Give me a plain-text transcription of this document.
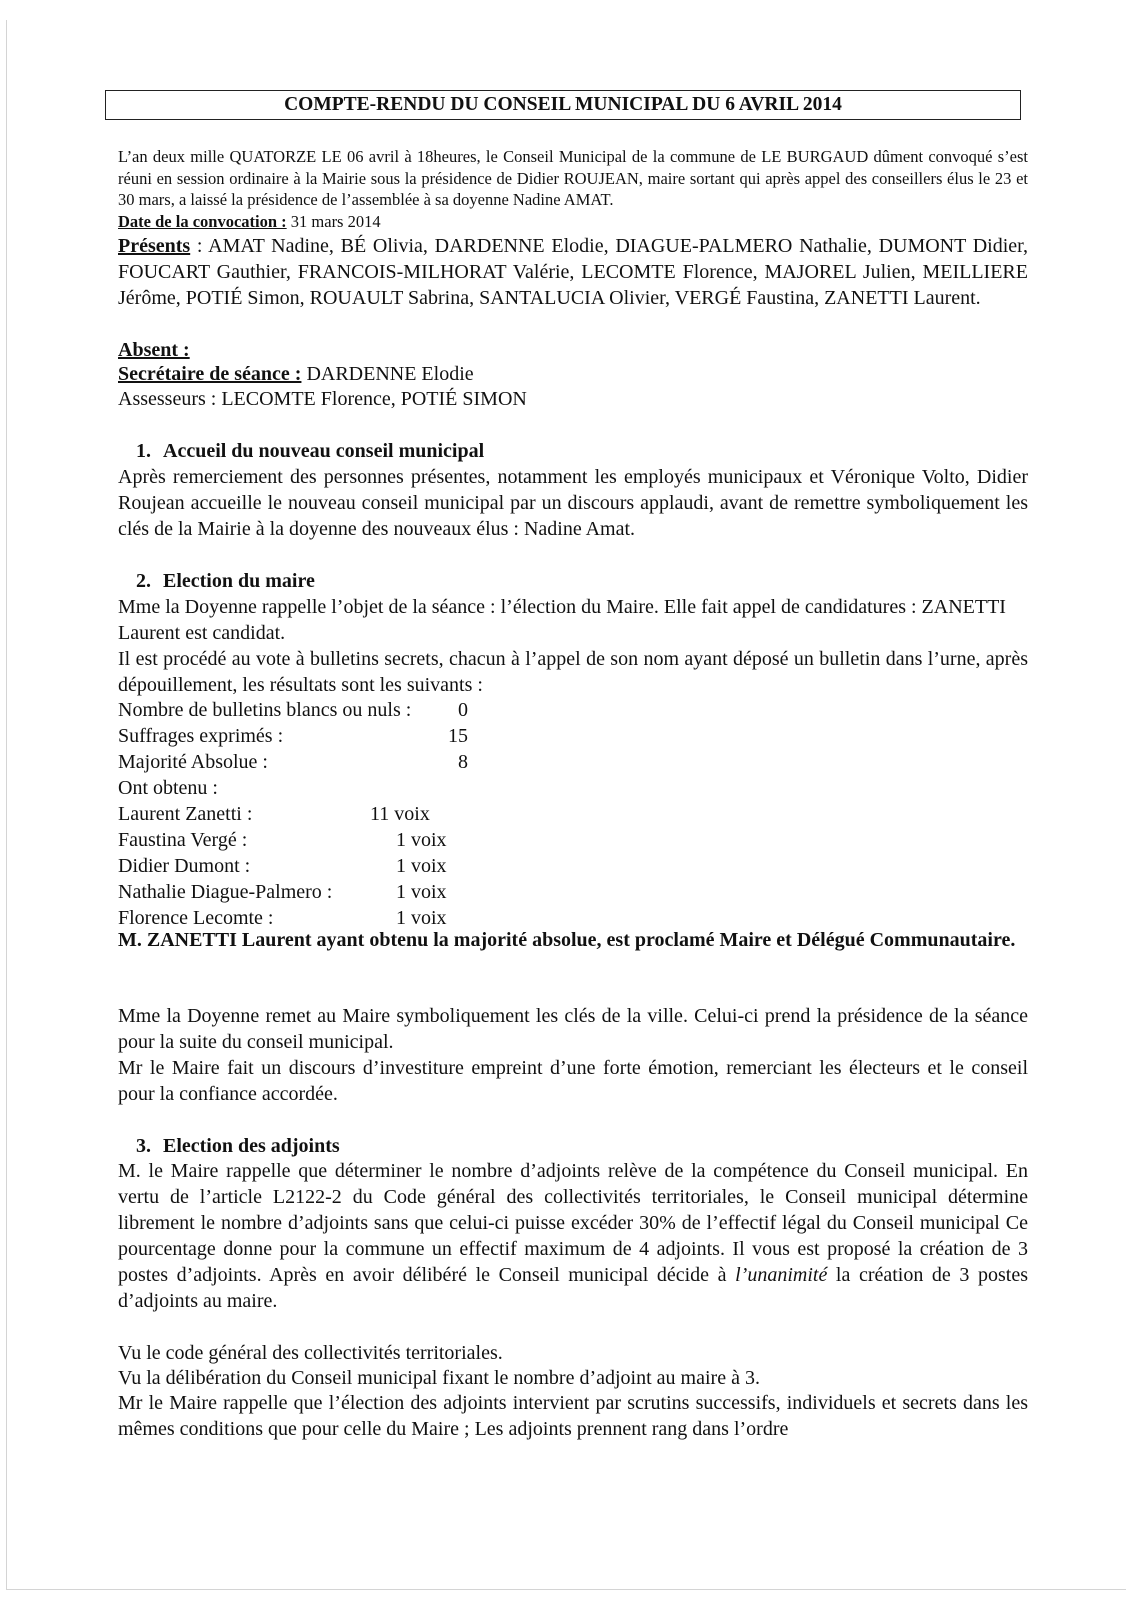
COMPTE-RENDU DU CONSEIL MUNICIPAL DU 6 AVRIL 2014

L’an deux mille QUATORZE LE 06 avril à 18heures, le Conseil Municipal de la commune de LE BURGAUD dûment convoqué s’est réuni en session ordinaire à la Mairie sous la présidence de Didier ROUJEAN, maire sortant qui après appel des conseillers élus le 23 et 30 mars, a laissé la présidence de l’assemblée à sa doyenne Nadine AMAT.

Date de la convocation : 31 mars 2014

Présents : AMAT Nadine, BÉ Olivia, DARDENNE Elodie, DIAGUE-PALMERO Nathalie, DUMONT Didier, FOUCART Gauthier, FRANCOIS-MILHORAT Valérie, LECOMTE Florence, MAJOREL Julien, MEILLIERE Jérôme, POTIÉ Simon, ROUAULT Sabrina, SANTALUCIA Olivier, VERGÉ Faustina, ZANETTI Laurent.

Absent :
Secrétaire de séance : DARDENNE Elodie
Assesseurs : LECOMTE Florence, POTIÉ SIMON
1. Accueil du nouveau conseil municipal
Après remerciement des personnes présentes, notamment les employés municipaux et Véronique Volto, Didier Roujean accueille le nouveau conseil municipal par un discours applaudi, avant de remettre symboliquement les clés de la Mairie à la doyenne des nouveaux élus : Nadine Amat.
2. Election du maire
Mme la Doyenne rappelle l’objet de la séance : l’élection du Maire. Elle fait appel de candidatures : ZANETTI Laurent est candidat.
Il est procédé au vote à bulletins secrets, chacun à l’appel de son nom ayant déposé un bulletin dans l’urne, après dépouillement, les résultats sont les suivants :
Nombre de bulletins blancs ou nuls : 0
Suffrages exprimés :	15
Majorité Absolue :	8
Ont obtenu :
Laurent Zanetti :	11 voix
Faustina Vergé :	1 voix
Didier Dumont :	1 voix
Nathalie Diague-Palmero :	1 voix
Florence Lecomte :	1 voix
M. ZANETTI Laurent ayant obtenu la majorité absolue, est proclamé Maire et Délégué Communautaire.
Mme la Doyenne remet au Maire symboliquement les clés de la ville. Celui-ci prend la présidence de la séance pour la suite du conseil municipal.
Mr le Maire fait un discours d’investiture empreint d’une forte émotion, remerciant les électeurs et le conseil pour la confiance accordée.
3. Election des adjoints

M. le Maire rappelle que déterminer le nombre d’adjoints relève de la compétence du Conseil municipal. En vertu de l’article L2122-2 du Code général des collectivités territoriales, le Conseil municipal détermine librement le nombre d’adjoints sans que celui-ci puisse excéder 30% de l’effectif légal du Conseil municipal Ce pourcentage donne pour la commune un effectif maximum de 4 adjoints. Il vous est proposé la création de 3 postes d’adjoints. Après en avoir délibéré le Conseil municipal décide à l’unanimité la création de 3 postes d’adjoints au maire.

Vu le code général des collectivités territoriales.
Vu la délibération du Conseil municipal fixant le nombre d’adjoint au maire à 3.
Mr le Maire rappelle que l’élection des adjoints intervient par scrutins successifs, individuels et secrets dans les mêmes conditions que pour celle du Maire ; Les adjoints prennent rang dans l’ordre
